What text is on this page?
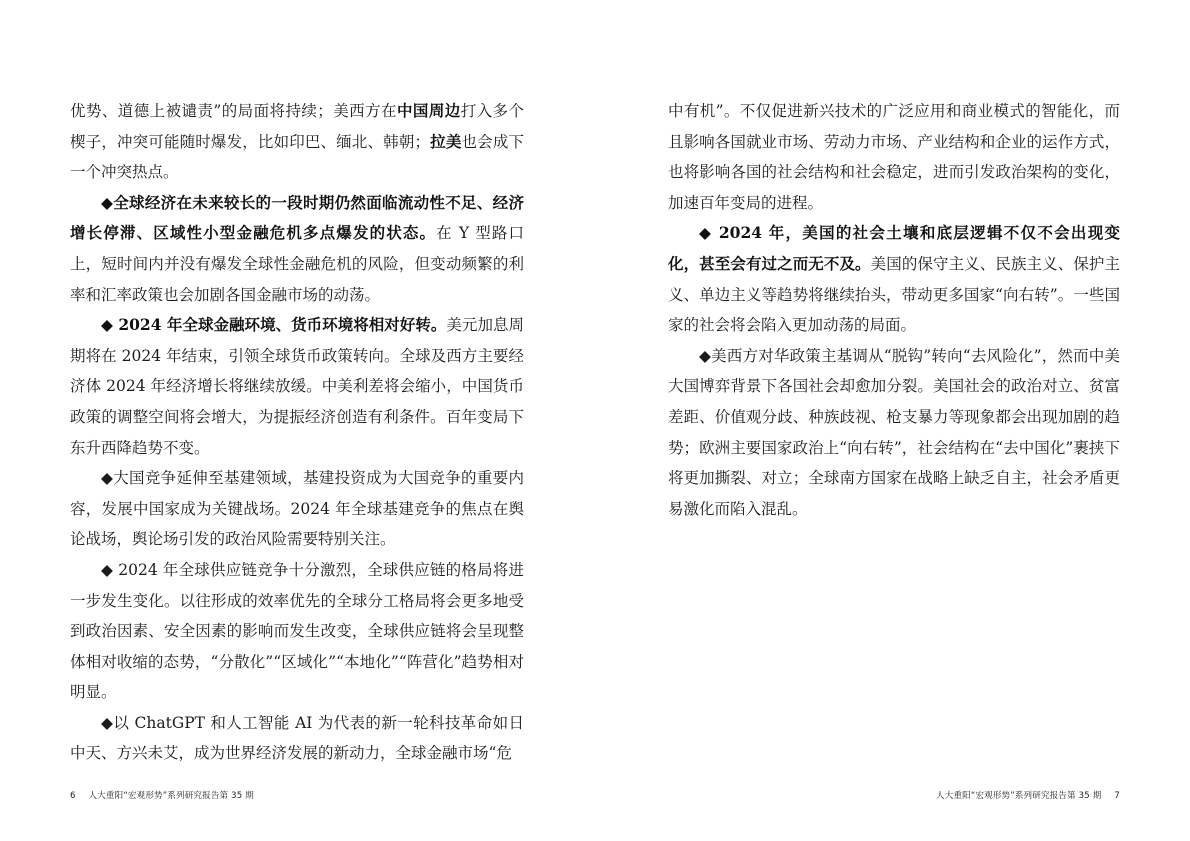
优势、道德上被谴责”的局面将持续；美西方在中国周边打入多个楔子，冲突可能随时爆发，比如印巴、缅北、韩朝；拉美也会成下一个冲突热点。

◆全球经济在未来较长的一段时期仍然面临流动性不足、经济增长停滞、区域性小型金融危机多点爆发的状态。在 Y 型路口上，短时间内并没有爆发全球性金融危机的风险，但变动频繁的利率和汇率政策也会加剧各国金融市场的动荡。

◆ 2024 年全球金融环境、货币环境将相对好转。美元加息周期将在 2024 年结束，引领全球货币政策转向。全球及西方主要经济体 2024 年经济增长将继续放缓。中美利差将会缩小，中国货币政策的调整空间将会增大，为提振经济创造有利条件。百年变局下东升西降趋势不变。

◆大国竞争延伸至基建领域，基建投资成为大国竞争的重要内容，发展中国家成为关键战场。2024 年全球基建竞争的焦点在舆论战场，舆论场引发的政治风险需要特别关注。

◆ 2024 年全球供应链竞争十分激烈，全球供应链的格局将进一步发生变化。以往形成的效率优先的全球分工格局将会更多地受到政治因素、安全因素的影响而发生改变，全球供应链将会呈现整体相对收缩的态势，“分散化”“区域化”“本地化”“阵营化”趋势相对明显。

◆以 ChatGPT 和人工智能 AI 为代表的新一轮科技革命如日中天、方兴未艾，成为世界经济发展的新动力，全球金融市场“危

6 人大重阳“宏观形势”系列研究报告第 35 期

中有机”。不仅促进新兴技术的广泛应用和商业模式的智能化，而且影响各国就业市场、劳动力市场、产业结构和企业的运作方式，也将影响各国的社会结构和社会稳定，进而引发政治架构的变化，加速百年变局的进程。

◆ 2024 年，美国的社会土壤和底层逻辑不仅不会出现变化，甚至会有过之而无不及。美国的保守主义、民族主义、保护主义、单边主义等趋势将继续抬头，带动更多国家“向右转”。一些国家的社会将会陷入更加动荡的局面。

◆美西方对华政策主基调从“脱钩”转向“去风险化”，然而中美大国博弈背景下各国社会却愈加分裂。美国社会的政治对立、贫富差距、价值观分歧、种族歧视、枪支暴力等现象都会出现加剧的趋势；欧洲主要国家政治上“向右转”，社会结构在“去中国化”裹挟下将更加撕裂、对立；全球南方国家在战略上缺乏自主，社会矛盾更易激化而陷入混乱。

人大重阳“宏观形势”系列研究报告第 35 期 7
